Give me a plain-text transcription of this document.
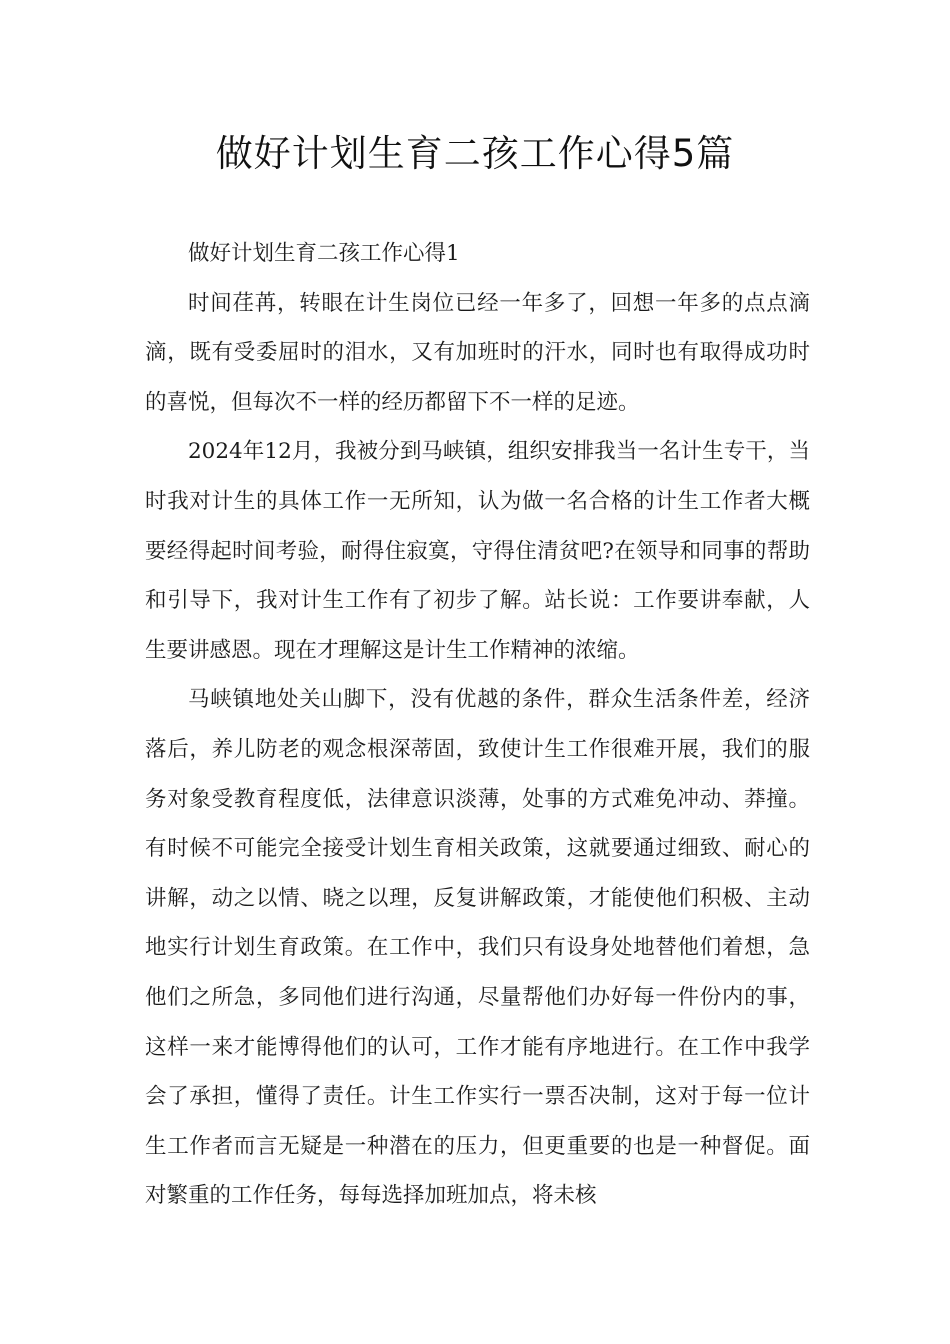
做好计划生育二孩工作心得5篇

做好计划生育二孩工作心得1

时间荏苒，转眼在计生岗位已经一年多了，回想一年多的点点滴滴，既有受委屈时的泪水，又有加班时的汗水，同时也有取得成功时的喜悦，但每次不一样的经历都留下不一样的足迹。

2024年12月，我被分到马峡镇，组织安排我当一名计生专干，当时我对计生的具体工作一无所知，认为做一名合格的计生工作者大概要经得起时间考验，耐得住寂寞，守得住清贫吧?在领导和同事的帮助和引导下，我对计生工作有了初步了解。站长说：工作要讲奉献，人生要讲感恩。现在才理解这是计生工作精神的浓缩。

马峡镇地处关山脚下，没有优越的条件，群众生活条件差，经济落后，养儿防老的观念根深蒂固，致使计生工作很难开展，我们的服务对象受教育程度低，法律意识淡薄，处事的方式难免冲动、莽撞。有时候不可能完全接受计划生育相关政策，这就要通过细致、耐心的讲解，动之以情、晓之以理，反复讲解政策，才能使他们积极、主动地实行计划生育政策。在工作中，我们只有设身处地替他们着想，急他们之所急，多同他们进行沟通，尽量帮他们办好每一件份内的事，这样一来才能博得他们的认可，工作才能有序地进行。在工作中我学会了承担，懂得了责任。计生工作实行一票否决制，这对于每一位计生工作者而言无疑是一种潜在的压力，但更重要的也是一种督促。面对繁重的工作任务，每每选择加班加点，将未核
